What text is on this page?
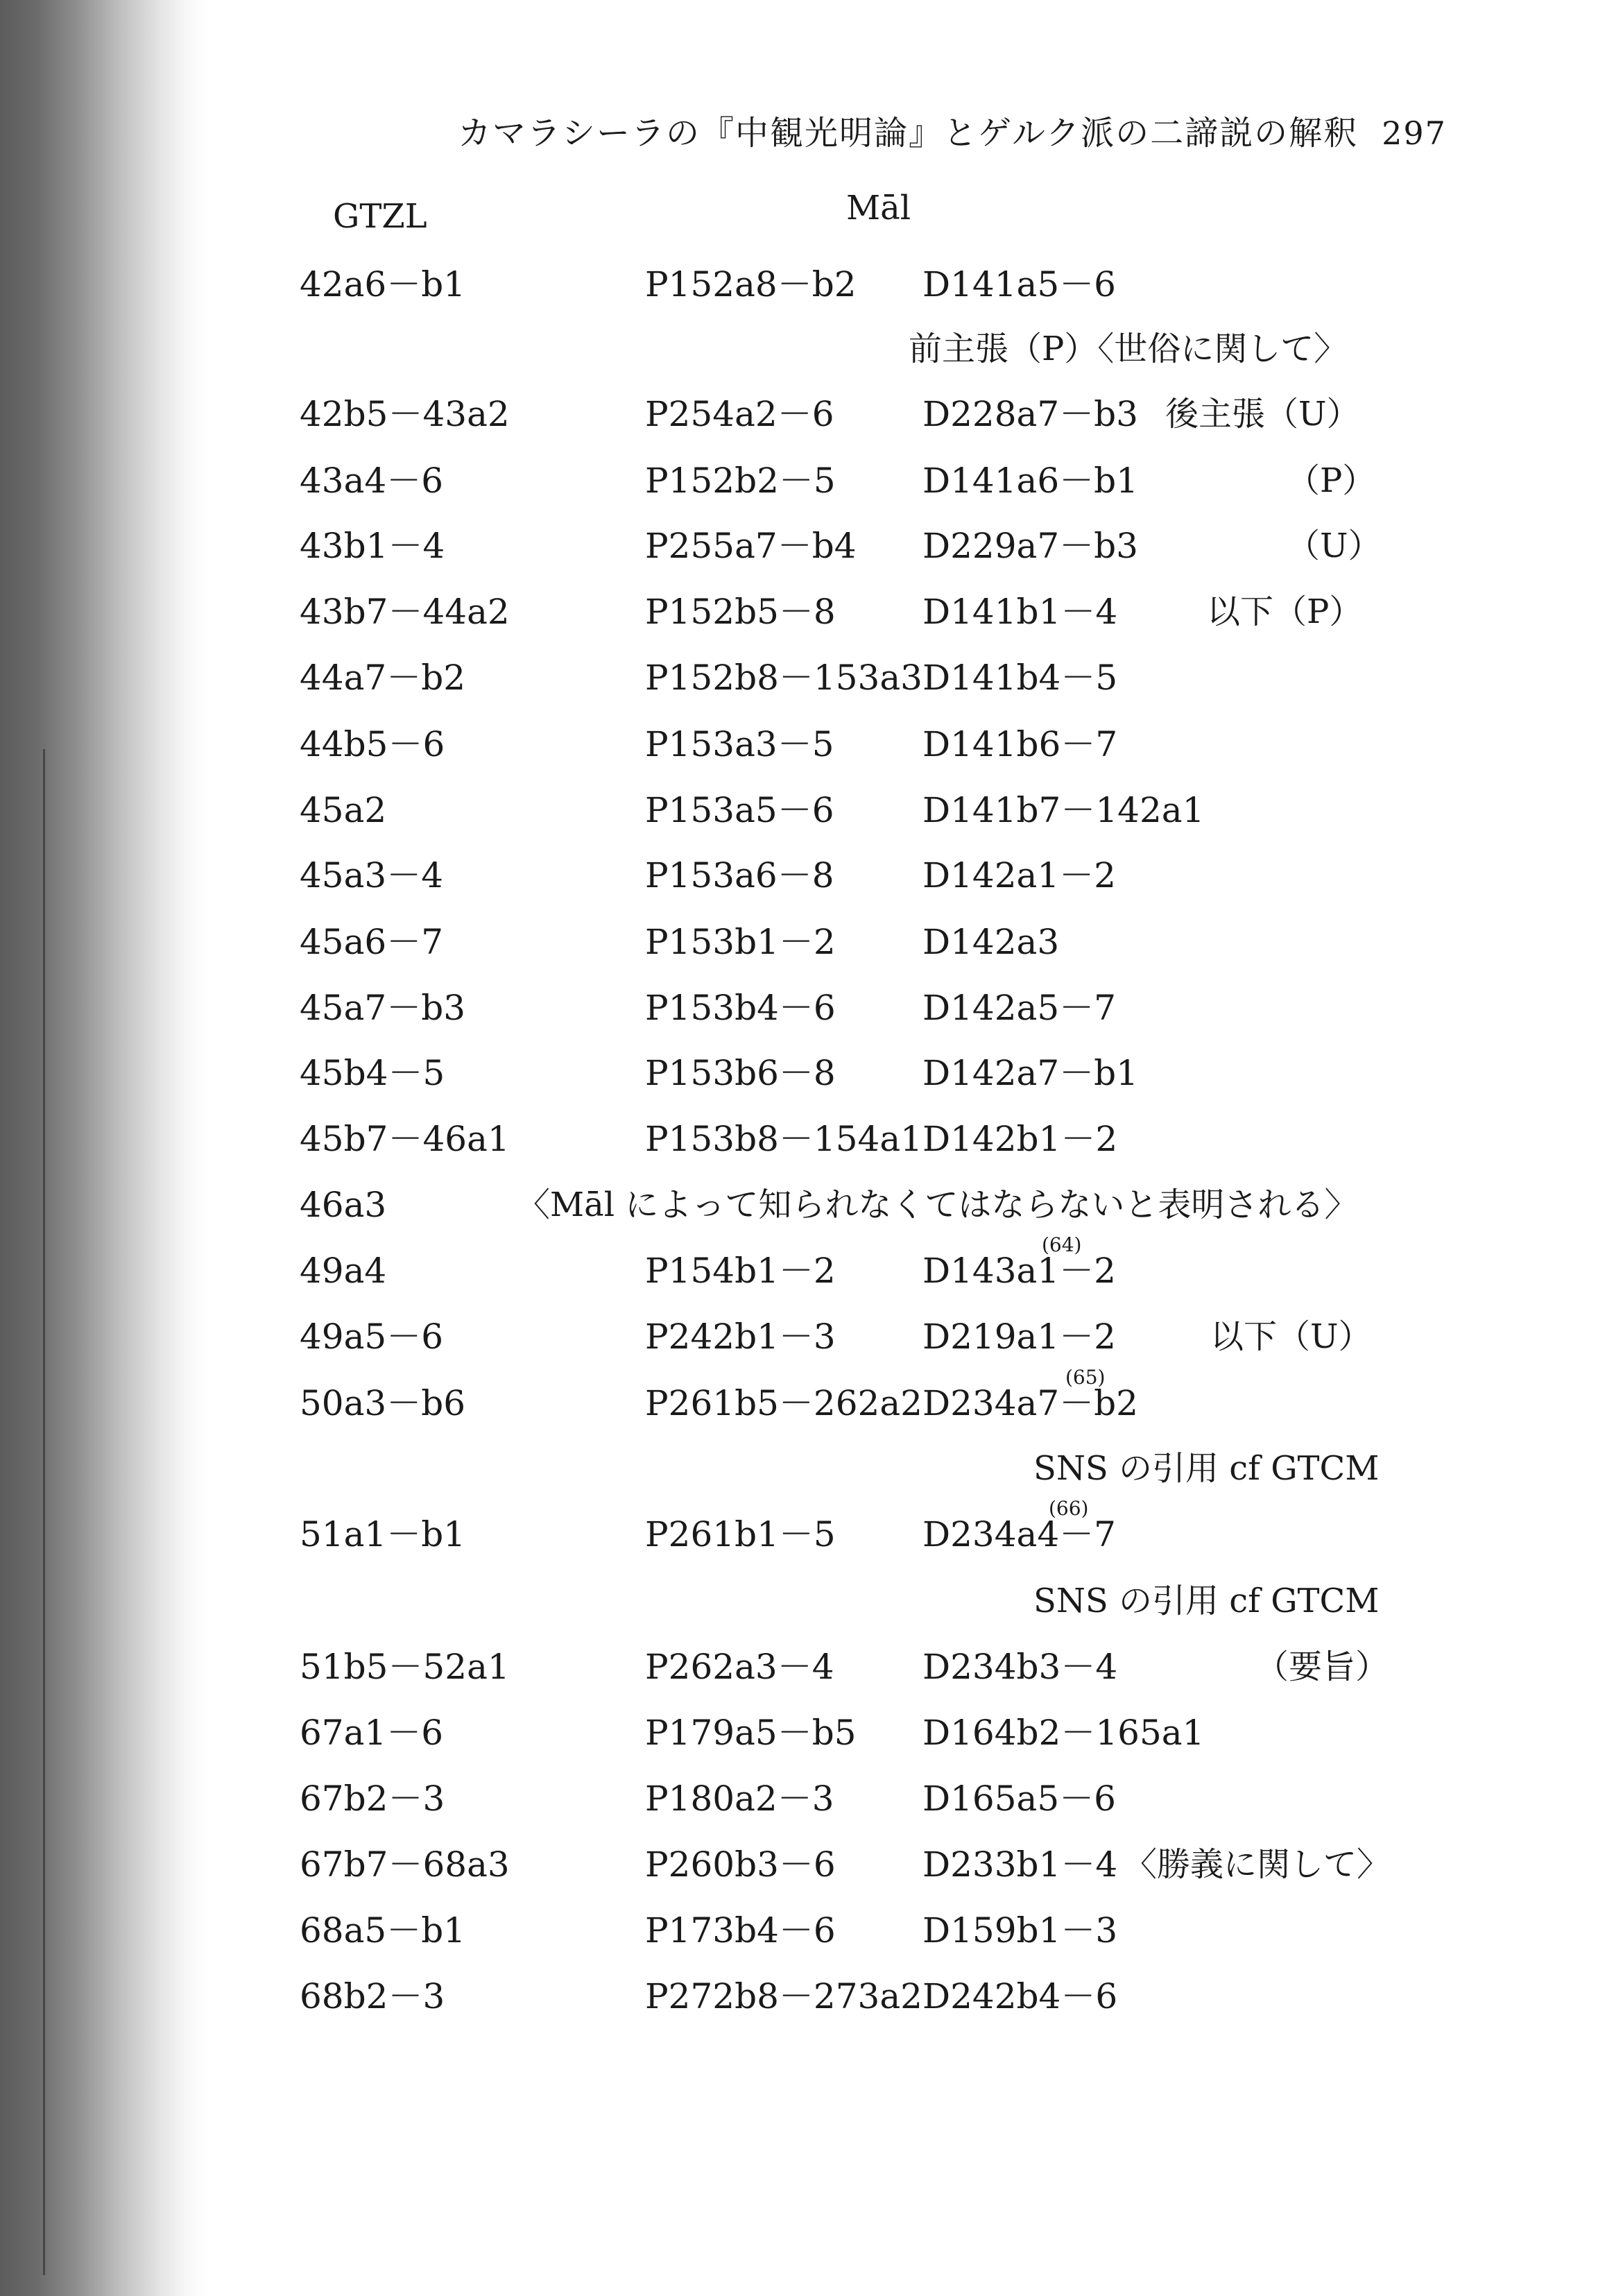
カマラシーラの『中観光明論』とゲルク派の二諦説の解釈 297
GTZL	Māl
42a6－b1	P152a8－b2 D141a5－6
前主張（P）〈世俗に関して〉
42b5－43a2	P254a2－6	D228a7－b3 後主張（U）
43a4－6	P152b2－5	D141a6－b1	（P）
43b1－4	P255a7－b4 D229a7－b3	（U）
43b7－44a2	P152b5－8	D141b1－4	以下（P）
44a7－b2	P152b8－153a3 D141b4－5
44b5－6	P153a3－5	D141b6－7
45a2	P153a5－6	D141b7－142a1
45a3－4	P153a6－8	D142a1－2
45a6－7	P153b1－2	D142a3
45a7－b3	P153b4－6	D142a5－7
45b4－5	P153b6－8	D142a7－b1
45b7－46a1	P153b8－154a1 D142b1－2
46a3	〈Māl によって知られなくてはならないと表明される〉
49a4	P154b1－2	D143a1－2
(64)
49a5－6	P242b1－3	D219a1－2	以下（U）
50a3－b6	P261b5－262a2 D234a7－b2
(65)
SNS の引用 cf GTCM
51a1－b1	P261b1－5	D234a4－7
(66)
SNS の引用 cf GTCM
51b5－52a1	P262a3－4	D234b3－4	（要旨）
67a1－6	P179a5－b5 D164b2－165a1
67b2－3	P180a2－3	D165a5－6
67b7－68a3	P260b3－6	D233b1－4 〈勝義に関して〉
68a5－b1	P173b4－6	D159b1－3
68b2－3	P272b8－273a2 D242b4－6
